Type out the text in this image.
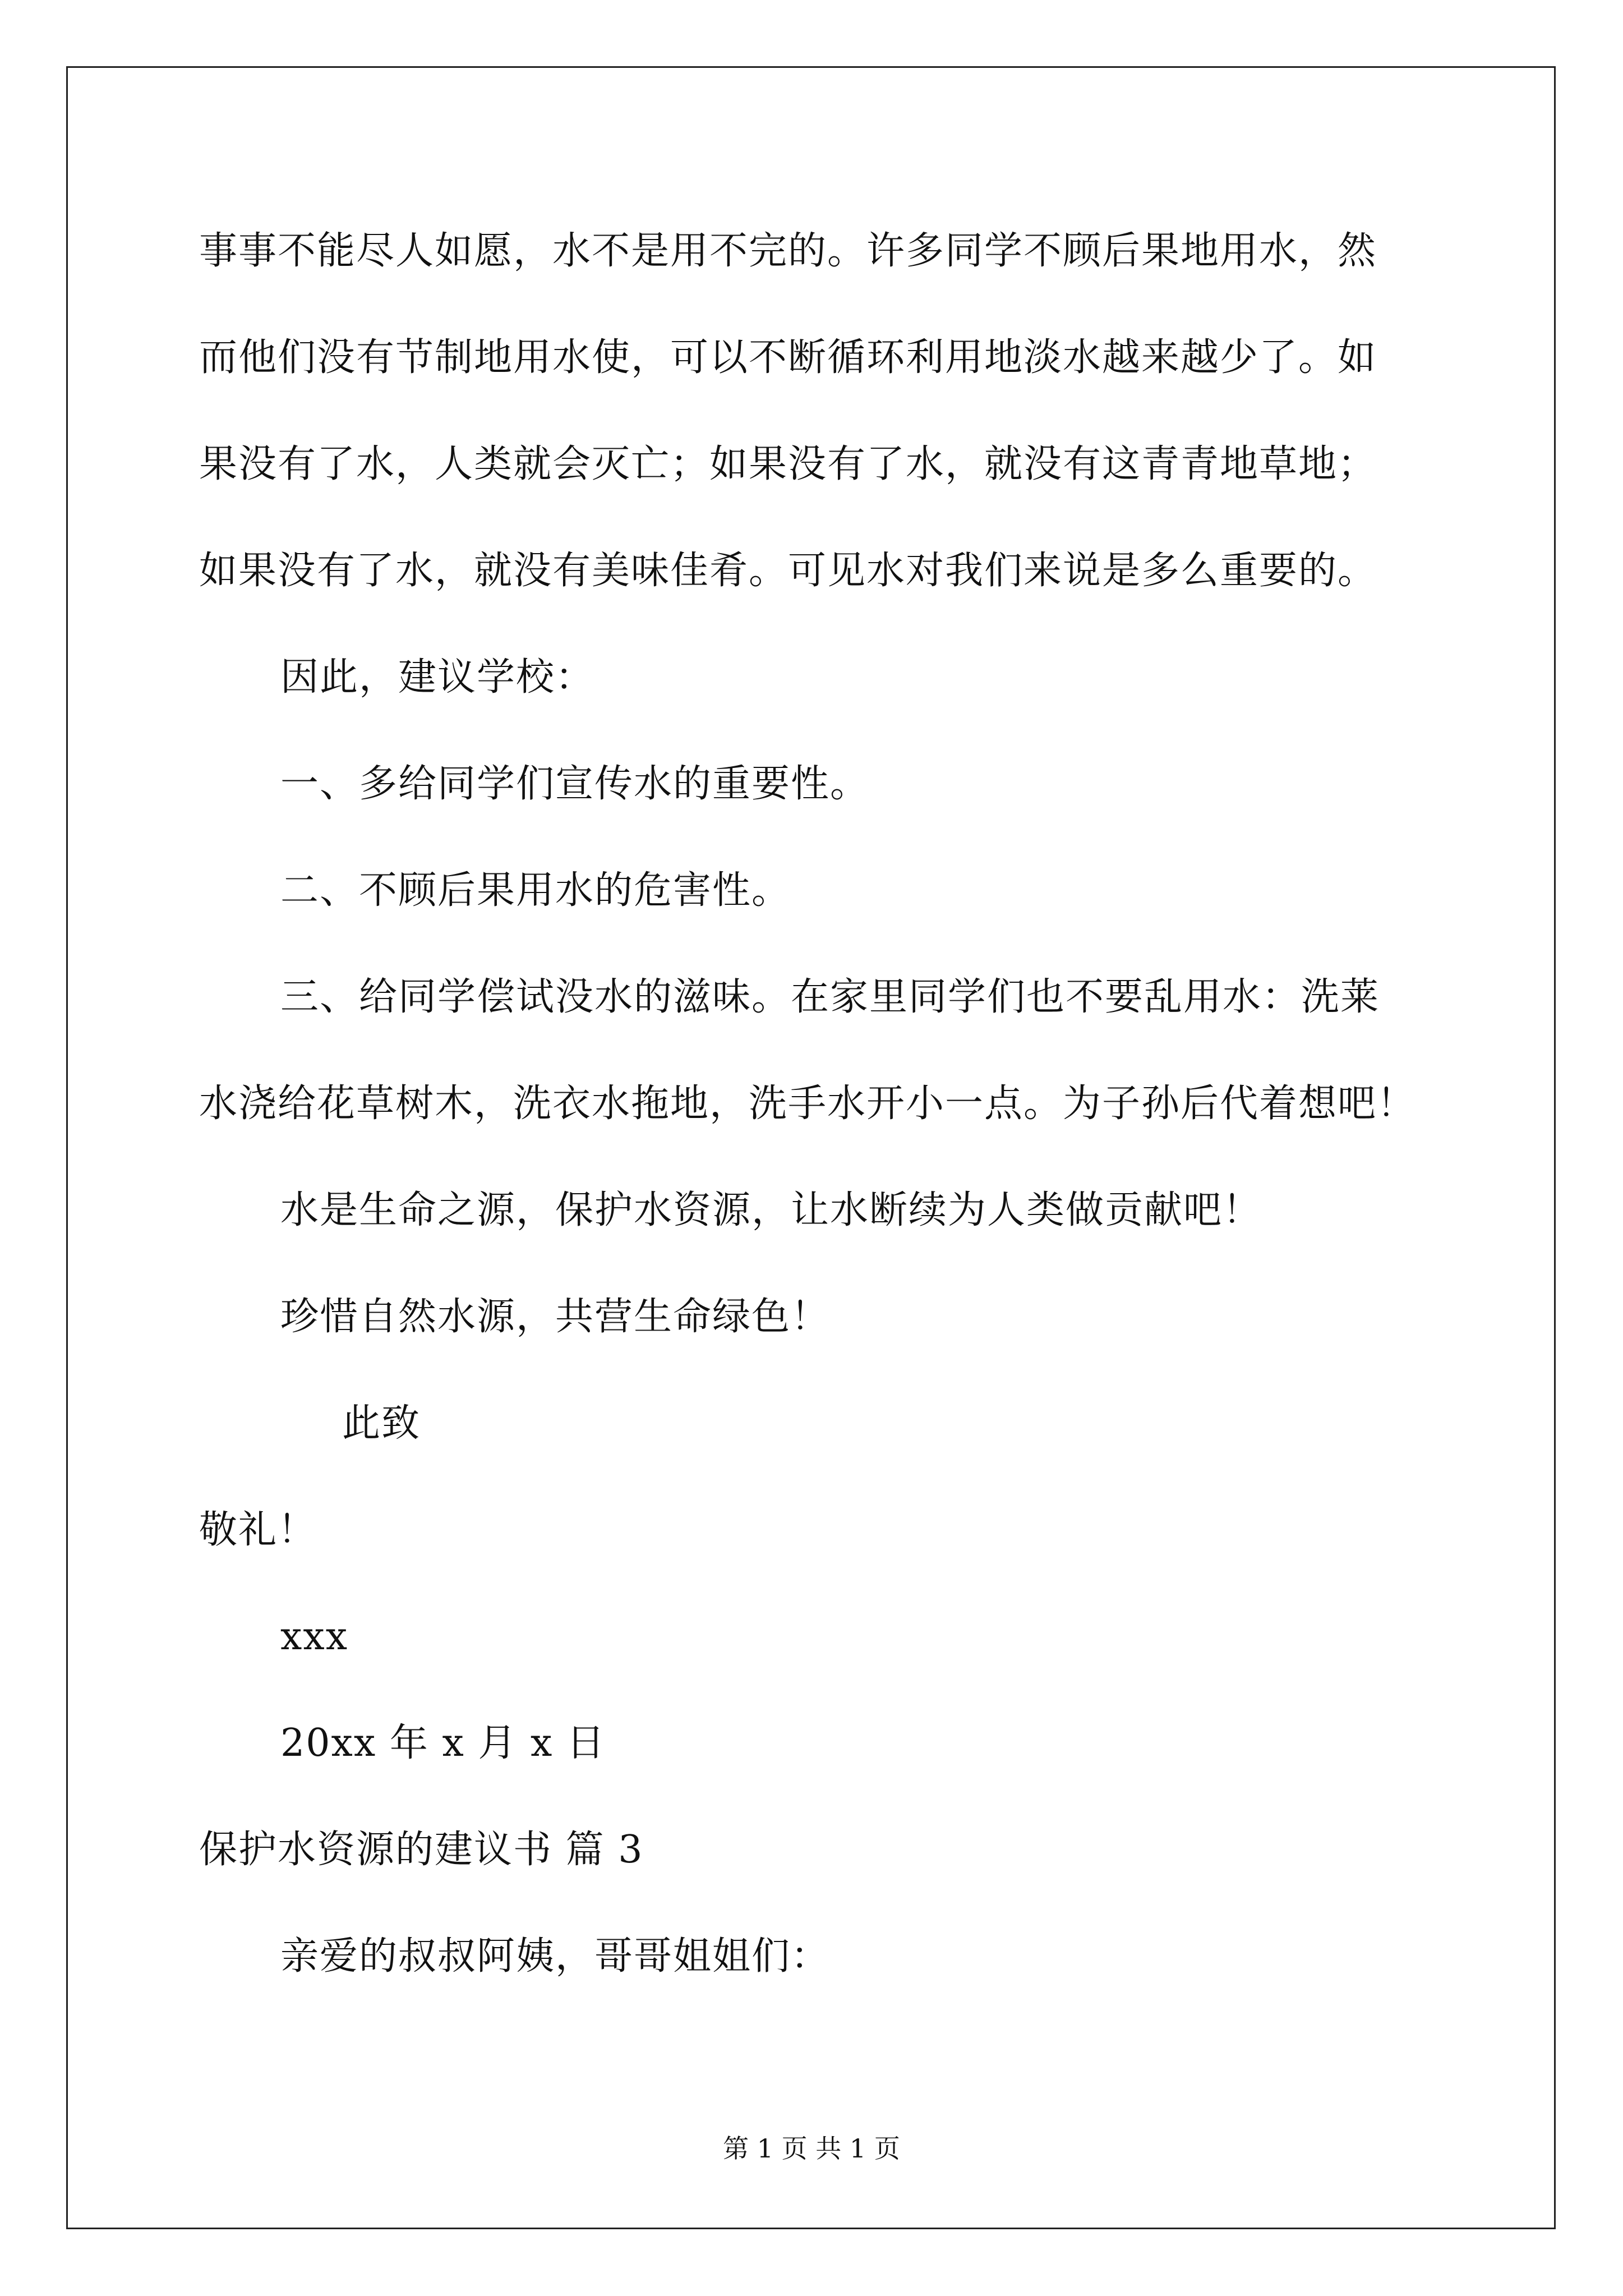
事事不能尽人如愿，水不是用不完的。许多同学不顾后果地用水，然
而他们没有节制地用水使，可以不断循环利用地淡水越来越少了。如
果没有了水，人类就会灭亡；如果没有了水，就没有这青青地草地；
如果没有了水，就没有美味佳肴。可见水对我们来说是多么重要的。
因此，建议学校：
一、多给同学们宣传水的重要性。
二、不顾后果用水的危害性。
三、给同学偿试没水的滋味。在家里同学们也不要乱用水：洗莱
水浇给花草树木，洗衣水拖地，洗手水开小一点。为子孙后代着想吧！
水是生命之源，保护水资源，让水断续为人类做贡献吧！
珍惜自然水源，共营生命绿色！
此致
敬礼！
xxx
20xx 年 x 月 x 日
保护水资源的建议书 篇 3
亲爱的叔叔阿姨，哥哥姐姐们：
第 1 页 共 1 页
